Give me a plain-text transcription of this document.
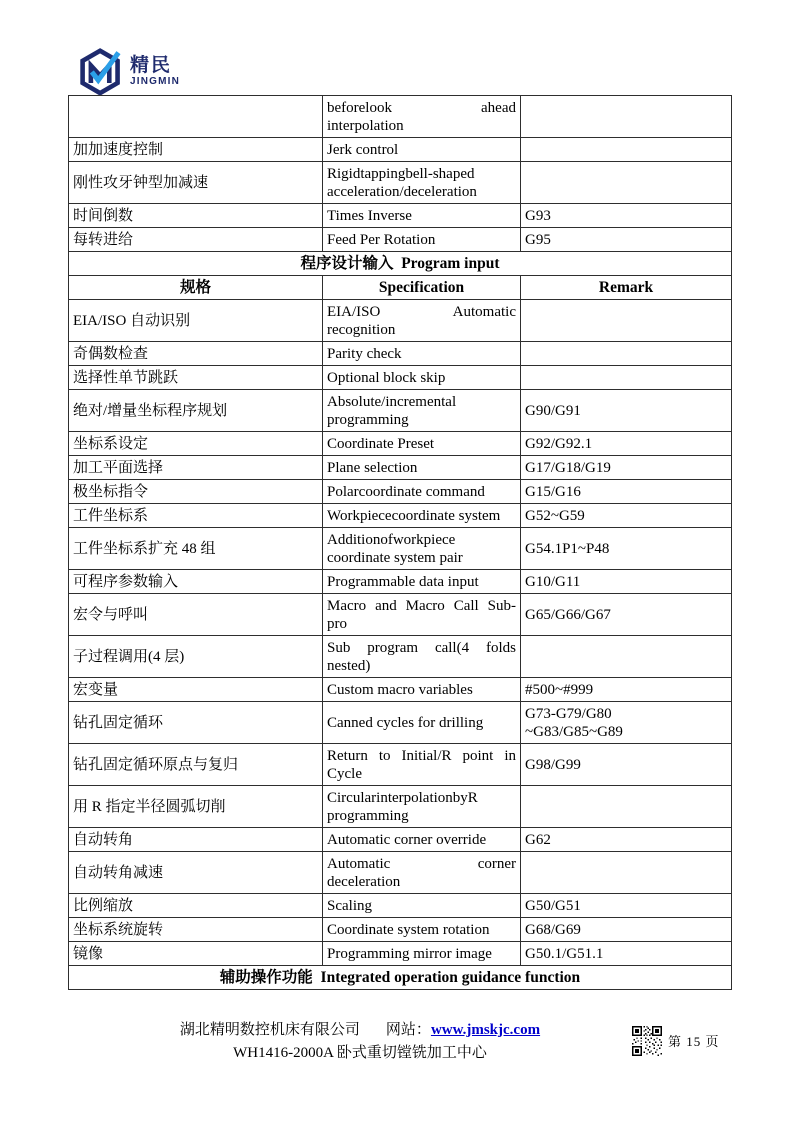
精民
JINGMIN

	beforelook ahead
interpolation	

加加速度控制	Jerk control	
刚性攻牙钟型加减速	Rigidtappingbell-shaped
acceleration/deceleration	

时间倒数	Times Inverse	G93
每转进给	Feed Per Rotation	G95
程序设计输入  Program input		
规格	Specification	Remark
EIA/ISO 自动识别	EIA/ISO Automatic
recognition	

奇偶数检查	Parity check	
选择性单节跳跃	Optional block skip	
绝对/增量坐标程序规划	Absolute/incremental
programming	G90/G91
坐标系设定	Coordinate Preset	G92/G92.1
加工平面选择	Plane selection	G17/G18/G19
极坐标指令	Polarcoordinate command	G15/G16
工件坐标系	Workpiececoordinate system	G52~G59
工件坐标系扩充 48 组	Additionofworkpiece
coordinate system pair	G54.1P1~P48
可程序参数输入	Programmable data input	G10/G11
宏令与呼叫	Macro and Macro Call Sub-
pro	G65/G66/G67
子过程调用(4 层)	Sub program call(4 folds
nested)	

宏变量	Custom macro variables	#500~#999
钻孔固定循环	Canned cycles for drilling	G73-G79/G80
~G83/G85~G89

钻孔固定循环原点与复归	Return to Initial/R point in
Cycle	G98/G99
用 R 指定半径圆弧切削	CircularinterpolationbyR
programming	

自动转角	Automatic corner override	G62
自动转角减速	Automatic corner
deceleration	

比例缩放	Scaling	G50/G51
坐标系统旋转	Coordinate system rotation	G68/G69
镜像	Programming mirror image	G50.1/G51.1
辅助操作功能  Integrated operation guidance function		
湖北精明数控机床有限公司 网站：www.jmskjc.com
WH1416-2000A 卧式重切镗铣加工中心
第 15 页
